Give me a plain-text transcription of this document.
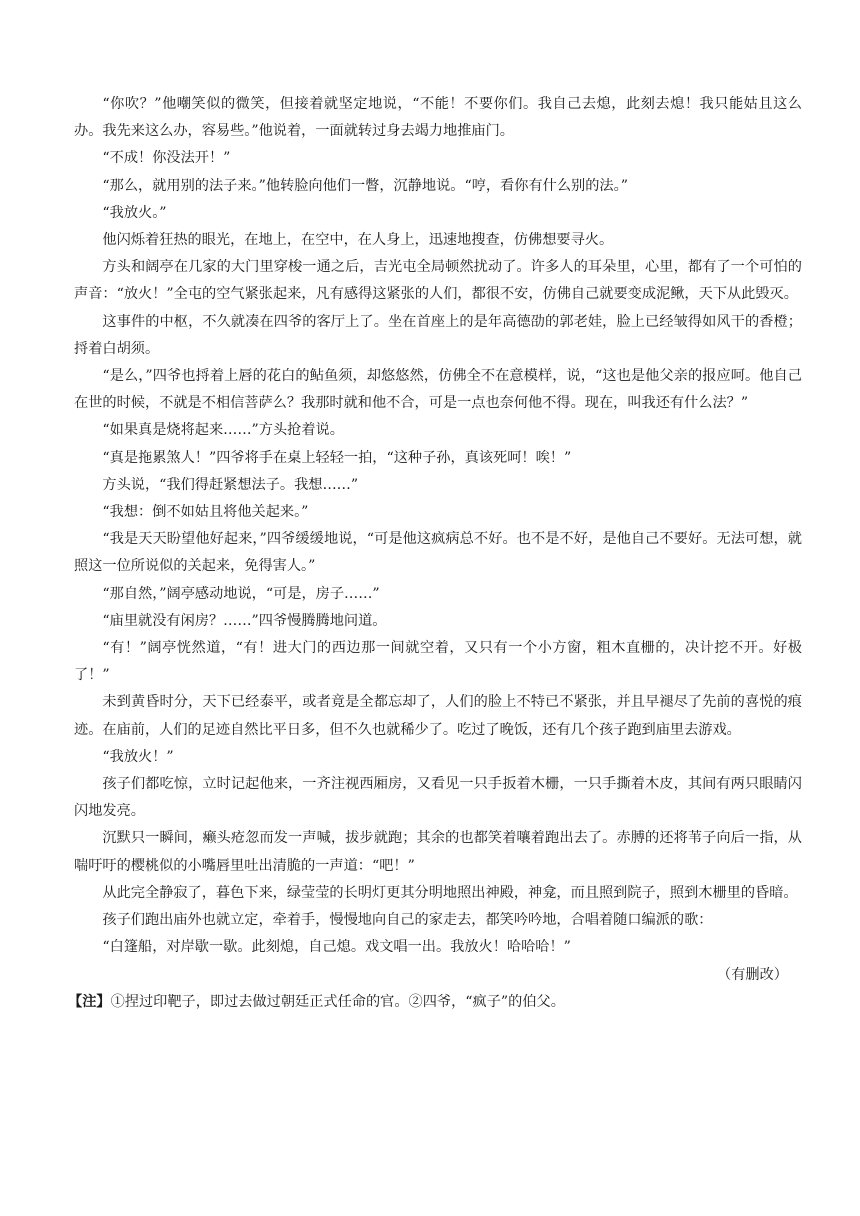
“你吹？”他嘲笑似的微笑，但接着就坚定地说，“不能！不要你们。我自己去熄，此刻去熄！我只能姑且这么办。我先来这么办，容易些。”他说着，一面就转过身去竭力地推庙门。

“不成！你没法开！”

“那么，就用别的法子来。”他转脸向他们一瞥，沉静地说。“哼，看你有什么别的法。”

“我放火。”

他闪烁着狂热的眼光，在地上，在空中，在人身上，迅速地搜查，仿佛想要寻火。

方头和阔亭在几家的大门里穿梭一通之后，吉光屯全局顿然扰动了。许多人的耳朵里，心里，都有了一个可怕的声音：“放火！”全屯的空气紧张起来，凡有感得这紧张的人们，都很不安，仿佛自己就要变成泥鳅，天下从此毁灭。

这事件的中枢，不久就凑在四爷的客厅上了。坐在首座上的是年高德劭的郭老娃，脸上已经皱得如风干的香橙；捋着白胡须。

“是么，”四爷也捋着上唇的花白的鲇鱼须，却悠悠然，仿佛全不在意模样，说，“这也是他父亲的报应呵。他自己在世的时候，不就是不相信菩萨么？我那时就和他不合，可是一点也奈何他不得。现在，叫我还有什么法？”

“如果真是烧将起来……”方头抢着说。

“真是拖累煞人！”四爷将手在桌上轻轻一拍，“这种子孙，真该死呵！唉！”

方头说，“我们得赶紧想法子。我想……”

“我想：倒不如姑且将他关起来。”

“我是天天盼望他好起来，”四爷缓缓地说，“可是他这疯病总不好。也不是不好，是他自己不要好。无法可想，就照这一位所说似的关起来，免得害人。”

“那自然，”阔亭感动地说，“可是，房子……”

“庙里就没有闲房？……”四爷慢腾腾地问道。

“有！”阔亭恍然道，“有！进大门的西边那一间就空着，又只有一个小方窗，粗木直栅的，决计挖不开。好极了！”

未到黄昏时分，天下已经泰平，或者竟是全都忘却了，人们的脸上不特已不紧张，并且早褪尽了先前的喜悦的痕迹。在庙前，人们的足迹自然比平日多，但不久也就稀少了。吃过了晚饭，还有几个孩子跑到庙里去游戏。

“我放火！”

孩子们都吃惊，立时记起他来，一齐注视西厢房，又看见一只手扳着木栅，一只手撕着木皮，其间有两只眼睛闪闪地发亮。

沉默只一瞬间，癞头疮忽而发一声喊，拔步就跑；其余的也都笑着嚷着跑出去了。赤膊的还将苇子向后一指，从喘吁吁的樱桃似的小嘴唇里吐出清脆的一声道：“吧！”

从此完全静寂了，暮色下来，绿莹莹的长明灯更其分明地照出神殿，神龛，而且照到院子，照到木栅里的昏暗。

孩子们跑出庙外也就立定，牵着手，慢慢地向自己的家走去，都笑吟吟地，合唱着随口编派的歌：

“白篷船，对岸歇一歇。此刻熄，自己熄。戏文唱一出。我放火！哈哈哈！”

（有删改）

【注】①捏过印靶子，即过去做过朝廷正式任命的官。②四爷，“疯子”的伯父。
